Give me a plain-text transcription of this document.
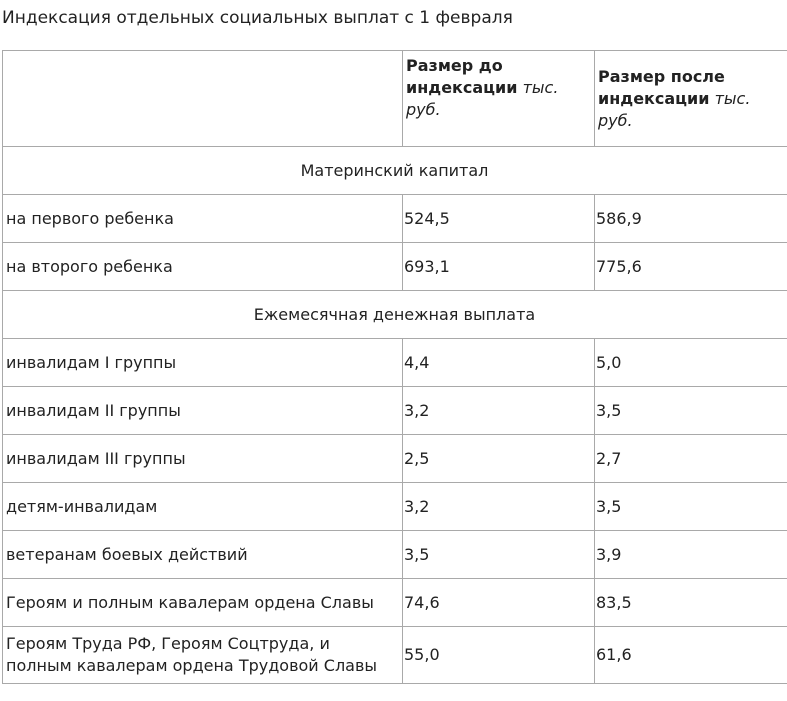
Индексация отдельных социальных выплат с 1 февраля
	Размер до индексации тыс. руб.	Размер после индексации тыс. руб.
Материнский капитал		
на первого ребенка	524,5	586,9
на второго ребенка	693,1	775,6
Ежемесячная денежная выплата		
инвалидам I группы	4,4	5,0
инвалидам II группы	3,2	3,5
инвалидам III группы	2,5	2,7
детям-инвалидам	3,2	3,5
ветеранам боевых действий	3,5	3,9
Героям и полным кавалерам ордена Славы	74,6	83,5
Героям Труда РФ, Героям Соцтруда, и полным кавалерам ордена Трудовой Славы	55,0	61,6
